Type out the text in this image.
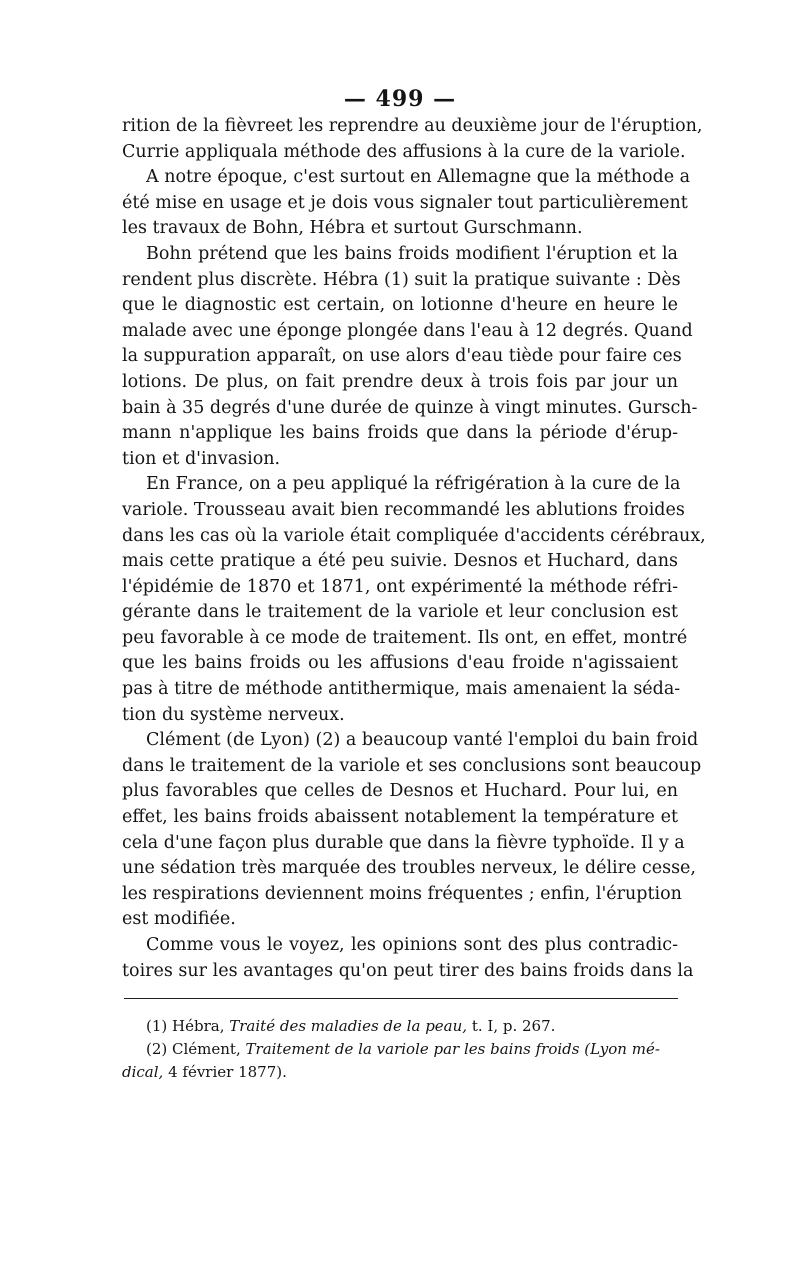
— 499 —
rition de la fièvreet les reprendre au deuxième jour de l'éruption,
Currie appliquala méthode des affusions à la cure de la variole.
A notre époque, c'est surtout en Allemagne que la méthode a
été mise en usage et je dois vous signaler tout particulièrement
les travaux de Bohn, Hébra et surtout Gurschmann.
Bohn prétend que les bains froids modifient l'éruption et la
rendent plus discrète. Hébra (1) suit la pratique suivante : Dès
que le diagnostic est certain, on lotionne d'heure en heure le
malade avec une éponge plongée dans l'eau à 12 degrés. Quand
la suppuration apparaît, on use alors d'eau tiède pour faire ces
lotions. De plus, on fait prendre deux à trois fois par jour un
bain à 35 degrés d'une durée de quinze à vingt minutes. Gursch-
mann n'applique les bains froids que dans la période d'érup-
tion et d'invasion.
En France, on a peu appliqué la réfrigération à la cure de la
variole. Trousseau avait bien recommandé les ablutions froides
dans les cas où la variole était compliquée d'accidents cérébraux,
mais cette pratique a été peu suivie. Desnos et Huchard, dans
l'épidémie de 1870 et 1871, ont expérimenté la méthode réfri-
gérante dans le traitement de la variole et leur conclusion est
peu favorable à ce mode de traitement. Ils ont, en effet, montré
que les bains froids ou les affusions d'eau froide n'agissaient
pas à titre de méthode antithermique, mais amenaient la séda-
tion du système nerveux.
Clément (de Lyon) (2) a beaucoup vanté l'emploi du bain froid
dans le traitement de la variole et ses conclusions sont beaucoup
plus favorables que celles de Desnos et Huchard. Pour lui, en
effet, les bains froids abaissent notablement la température et
cela d'une façon plus durable que dans la fièvre typhoïde. Il y a
une sédation très marquée des troubles nerveux, le délire cesse,
les respirations deviennent moins fréquentes ; enfin, l'éruption
est modifiée.
Comme vous le voyez, les opinions sont des plus contradic-
toires sur les avantages qu'on peut tirer des bains froids dans la
(1) Hébra, Traité des maladies de la peau, t. I, p. 267.
(2) Clément, Traitement de la variole par les bains froids (Lyon mé-
dical, 4 février 1877).
